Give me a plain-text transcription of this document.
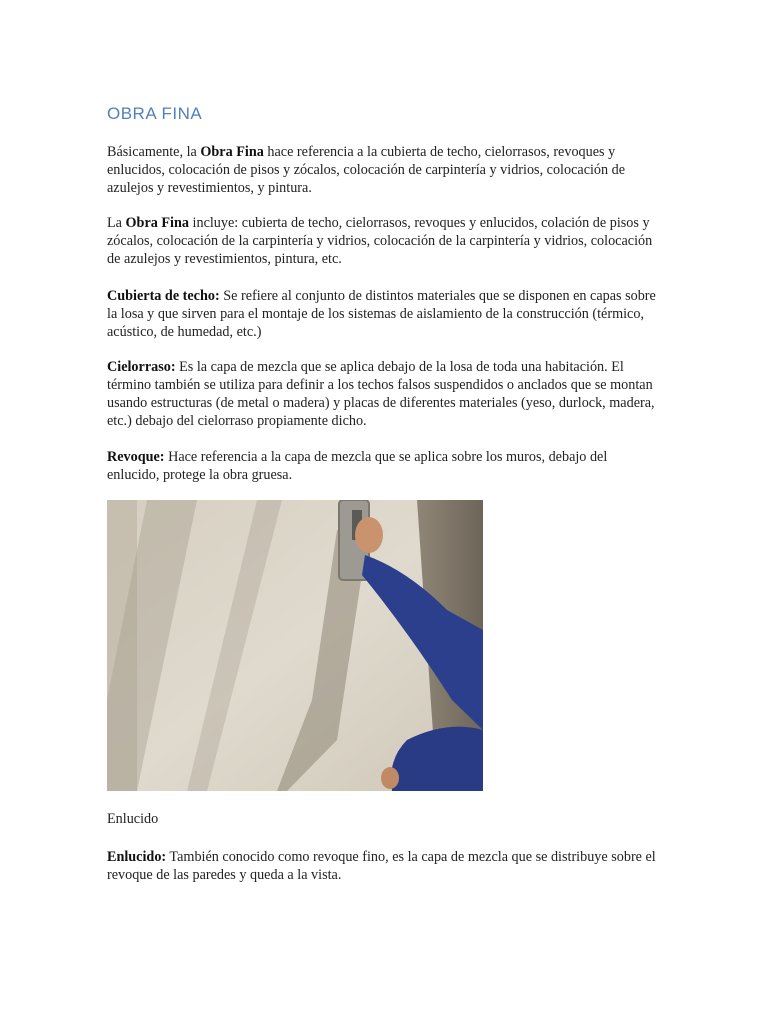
OBRA FINA

Básicamente, la Obra Fina hace referencia a la cubierta de techo, cielorrasos, revoques y enlucidos, colocación de pisos y zócalos, colocación de carpintería y vidrios, colocación de azulejos y revestimientos, y pintura.

La Obra Fina incluye: cubierta de techo, cielorrasos, revoques y enlucidos, colación de pisos y zócalos, colocación de la carpintería y vidrios, colocación de la carpintería y vidrios, colocación de azulejos y revestimientos, pintura, etc.

Cubierta de techo: Se refiere al conjunto de distintos materiales que se disponen en capas sobre la losa y que sirven para el montaje de los sistemas de aislamiento de la construcción (térmico, acústico, de humedad, etc.)

Cielorraso: Es la capa de mezcla que se aplica debajo de la losa de toda una habitación. El término también se utiliza para definir a los techos falsos suspendidos o anclados que se montan usando estructuras (de metal o madera) y placas de diferentes materiales (yeso, durlock, madera, etc.) debajo del cielorraso propiamente dicho.

Revoque: Hace referencia a la capa de mezcla que se aplica sobre los muros, debajo del enlucido, protege la obra gruesa.

Enlucido

Enlucido: También conocido como revoque fino, es la capa de mezcla que se distribuye sobre el revoque de las paredes y queda a la vista.
